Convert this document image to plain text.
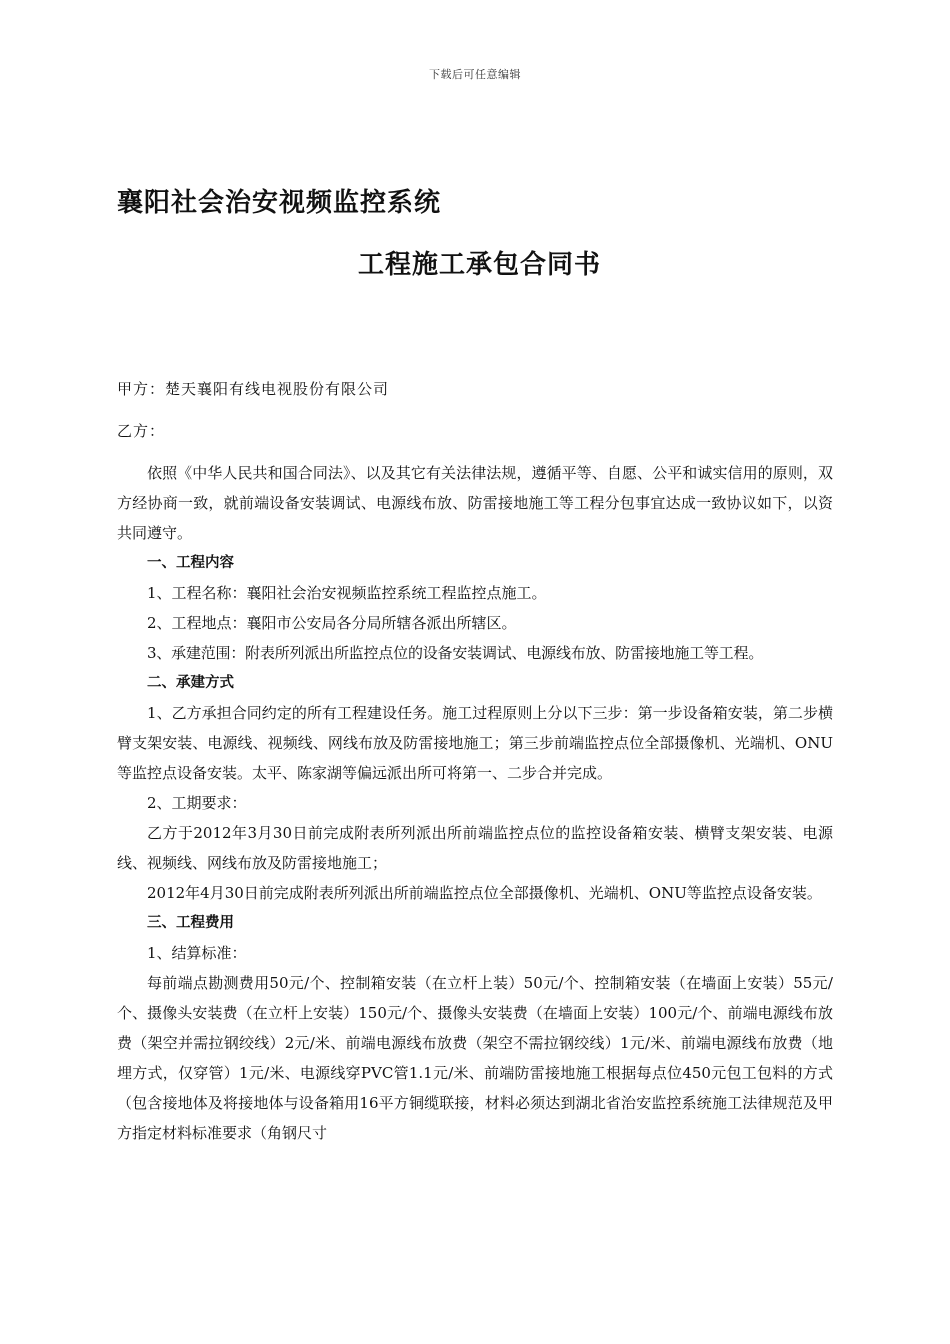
下载后可任意编辑
襄阳社会治安视频监控系统
工程施工承包合同书
甲方：楚天襄阳有线电视股份有限公司
乙方：

依照《中华人民共和国合同法》、以及其它有关法律法规，遵循平等、自愿、公平和诚实信用的原则，双方经协商一致，就前端设备安装调试、电源线布放、防雷接地施工等工程分包事宜达成一致协议如下，以资共同遵守。

一、工程内容

1、工程名称：襄阳社会治安视频监控系统工程监控点施工。

2、工程地点：襄阳市公安局各分局所辖各派出所辖区。

3、承建范围：附表所列派出所监控点位的设备安装调试、电源线布放、防雷接地施工等工程。

二、承建方式

1、乙方承担合同约定的所有工程建设任务。施工过程原则上分以下三步：第一步设备箱安装，第二步横臂支架安装、电源线、视频线、网线布放及防雷接地施工；第三步前端监控点位全部摄像机、光端机、ONU等监控点设备安装。太平、陈家湖等偏远派出所可将第一、二步合并完成。

2、工期要求：

乙方于2012年3月30日前完成附表所列派出所前端监控点位的监控设备箱安装、横臂支架安装、电源线、视频线、网线布放及防雷接地施工；

2012年4月30日前完成附表所列派出所前端监控点位全部摄像机、光端机、ONU等监控点设备安装。

三、工程费用

1、结算标准：

每前端点勘测费用50元/个、控制箱安装（在立杆上装）50元/个、控制箱安装（在墙面上安装）55元/个、摄像头安装费（在立杆上安装）150元/个、摄像头安装费（在墙面上安装）100元/个、前端电源线布放费（架空并需拉钢绞线）2元/米、前端电源线布放费（架空不需拉钢绞线）1元/米、前端电源线布放费（地埋方式，仅穿管）1元/米、电源线穿PVC管1.1元/米、前端防雷接地施工根据每点位450元包工包料的方式（包含接地体及将接地体与设备箱用16平方铜缆联接，材料必须达到湖北省治安监控系统施工法律规范及甲方指定材料标准要求（角钢尺寸
